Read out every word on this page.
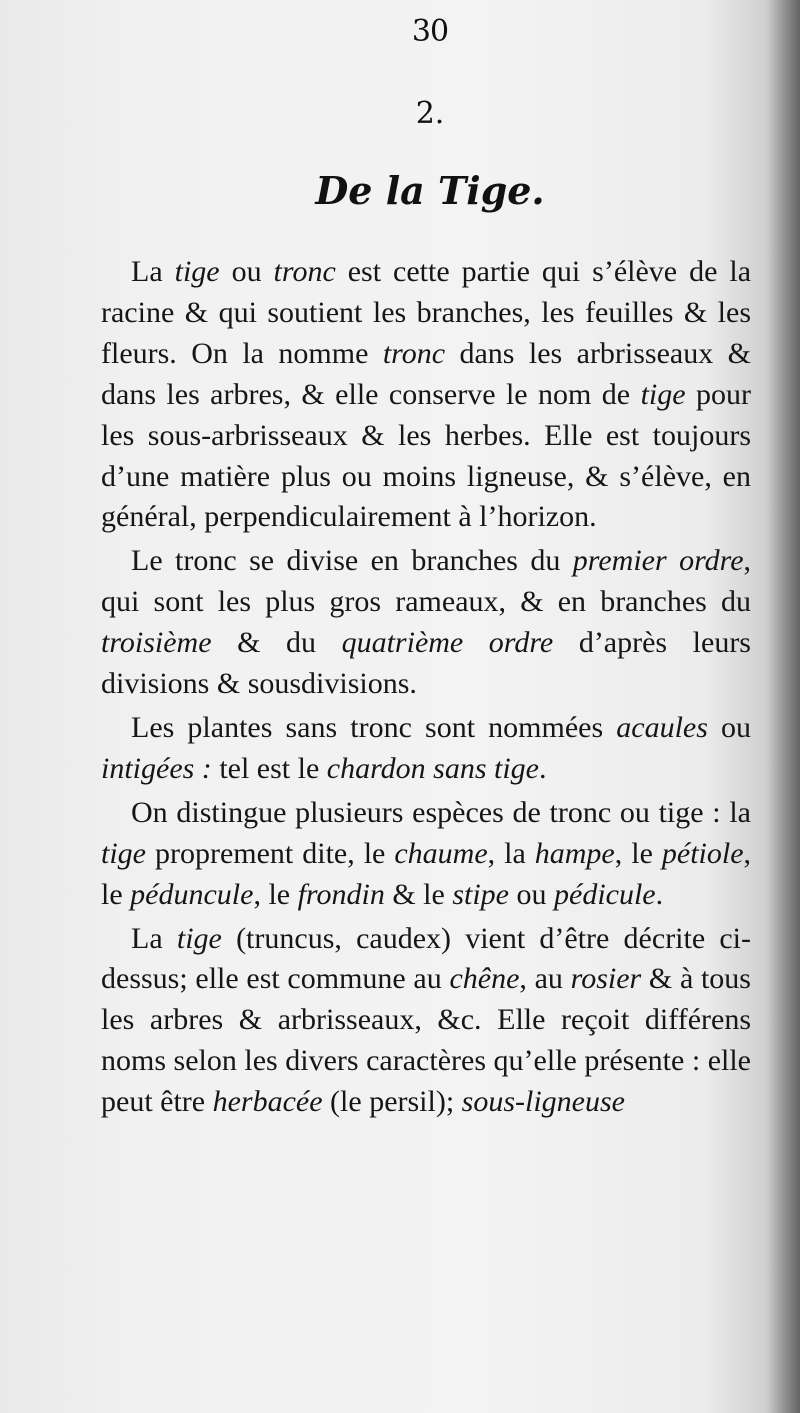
30
2.
De la Tige.

La tige ou tronc est cette partie qui s’élève de la racine & qui soutient les branches, les feuilles & les fleurs. On la nomme tronc dans les arbrisseaux & dans les arbres, & elle conserve le nom de tige pour les sous-arbrisseaux & les herbes. Elle est toujours d’une matière plus ou moins ligneuse, & s’élève, en général, perpendiculairement à l’horizon.

Le tronc se divise en branches du premier ordre, qui sont les plus gros rameaux, & en branches du troisième & du quatrième ordre d’après leurs divisions & sousdivisions.

Les plantes sans tronc sont nommées acaules ou intigées : tel est le chardon sans tige.

On distingue plusieurs espèces de tronc ou tige : la tige proprement dite, le chaume, la hampe, le pétiole, le péduncule, le frondin & le stipe ou pédicule.

La tige (truncus, caudex) vient d’être décrite ci-dessus; elle est commune au chêne, au rosier & à tous les arbres & arbrisseaux, &c. Elle reçoit différens noms selon les divers caractères qu’elle présente : elle peut être herbacée (le persil); sous-ligneuse
